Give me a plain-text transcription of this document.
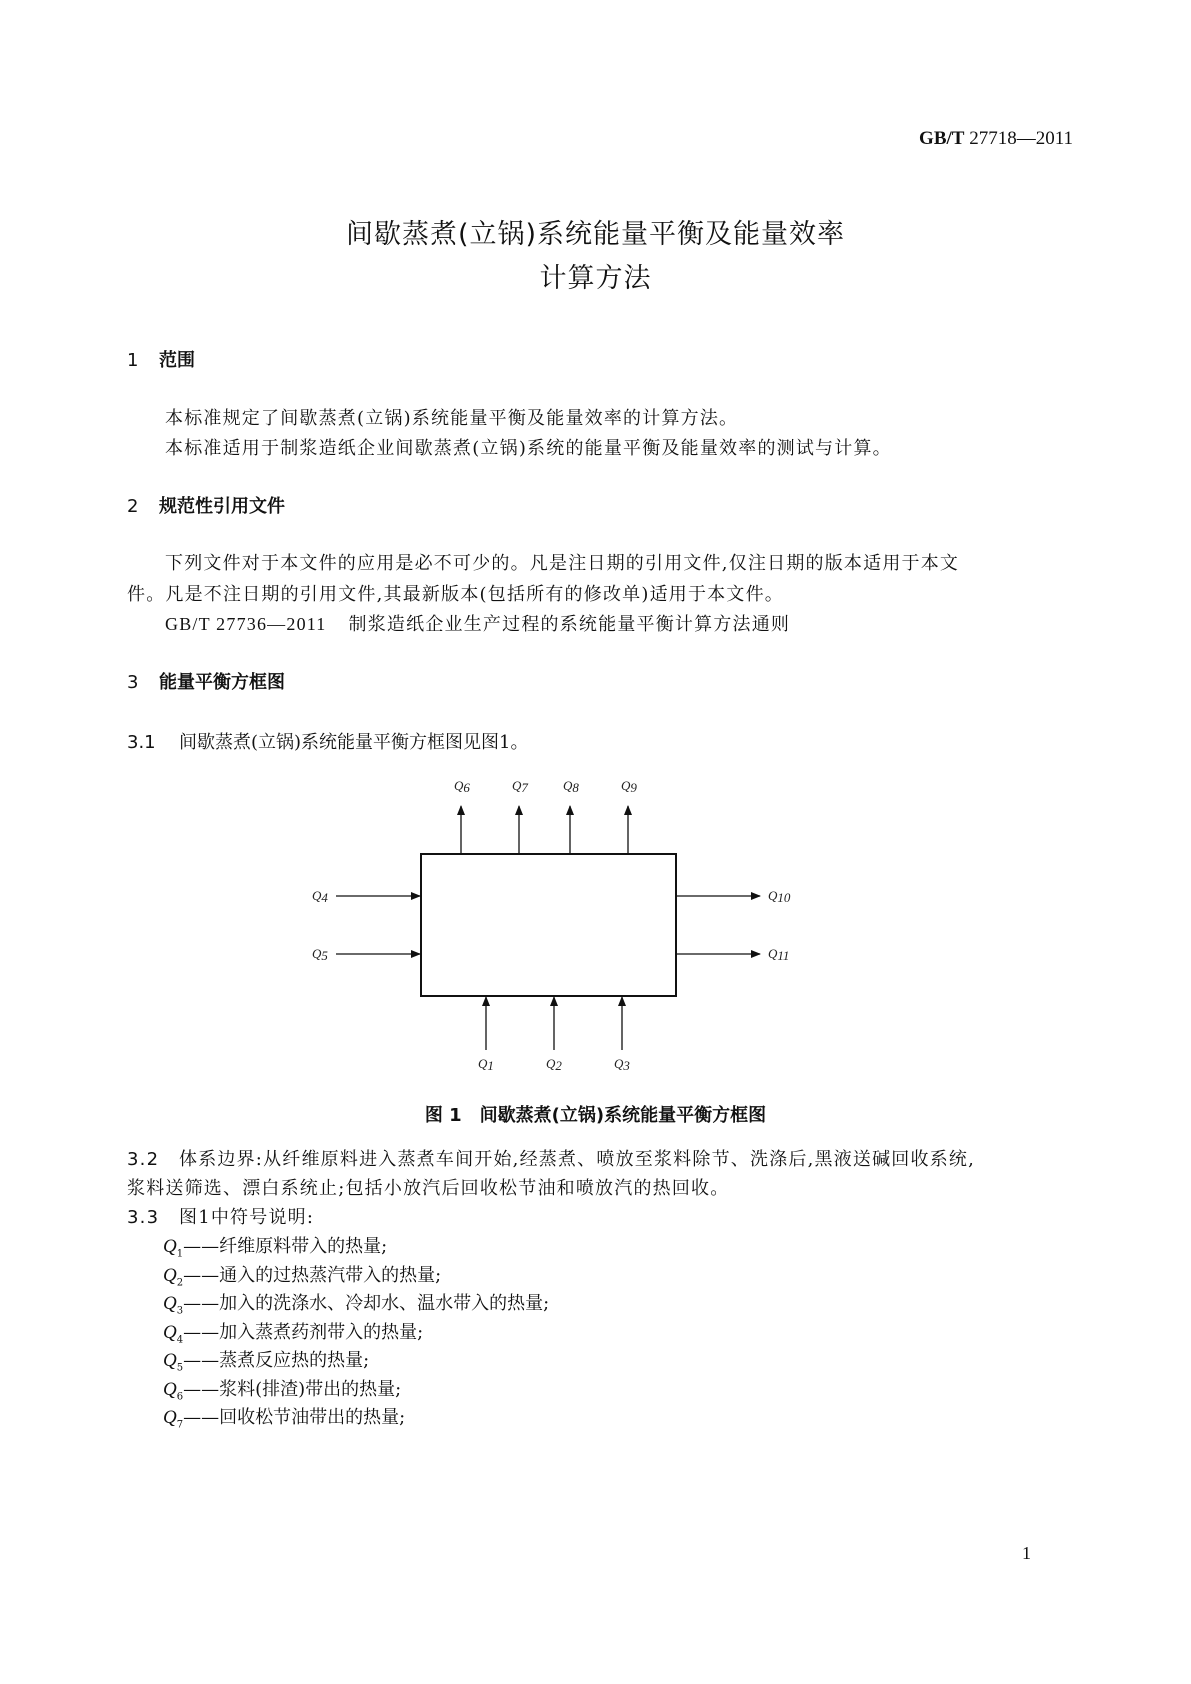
GB/T 27718—2011
间歇蒸煮(立锅)系统能量平衡及能量效率
计算方法
1 范围
本标准规定了间歇蒸煮(立锅)系统能量平衡及能量效率的计算方法。
本标准适用于制浆造纸企业间歇蒸煮(立锅)系统的能量平衡及能量效率的测试与计算。
2 规范性引用文件
下列文件对于本文件的应用是必不可少的。凡是注日期的引用文件,仅注日期的版本适用于本文
件。凡是不注日期的引用文件,其最新版本(包括所有的修改单)适用于本文件。
GB/T 27736—2011 制浆造纸企业生产过程的系统能量平衡计算方法通则
3 能量平衡方框图
3.1 间歇蒸煮(立锅)系统能量平衡方框图见图1。
Q6	Q7	Q8	Q9
Q4
Q5
Q10
Q11
Q1	Q2	Q3
图 1　间歇蒸煮(立锅)系统能量平衡方框图
3.2 体系边界:从纤维原料进入蒸煮车间开始,经蒸煮、喷放至浆料除节、洗涤后,黑液送碱回收系统,
浆料送筛选、漂白系统止;包括小放汽后回收松节油和喷放汽的热回收。
3.3 图1中符号说明:
$Q_1——$纤维原料带入的热量;
$Q_2——$通入的过热蒸汽带入的热量;
$Q_3——$加入的洗涤水、冷却水、温水带入的热量;
$Q_4——$加入蒸煮药剂带入的热量;
$Q_5——$蒸煮反应热的热量;
$Q_6——$浆料(排渣)带出的热量;
$Q_7——$回收松节油带出的热量;
1
